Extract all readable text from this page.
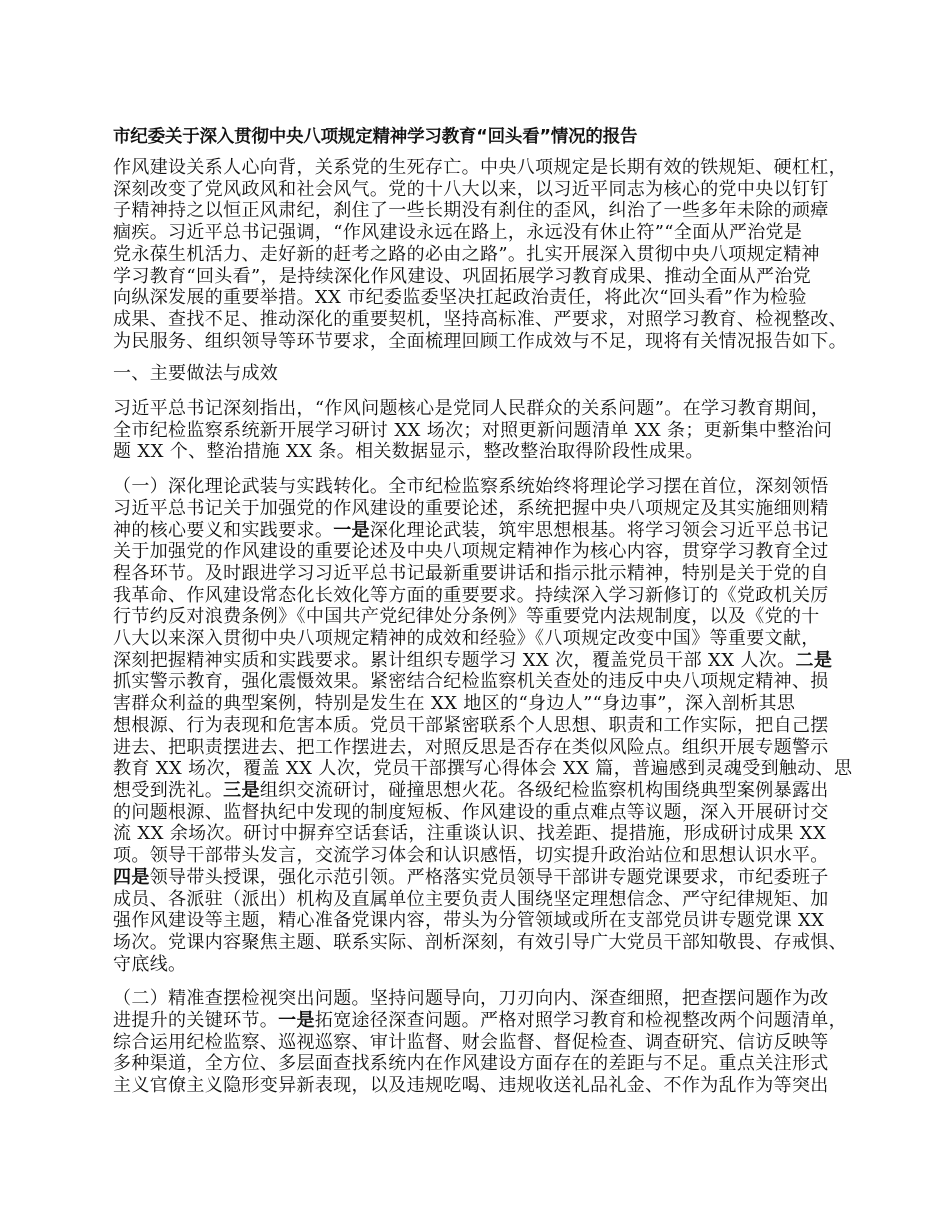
市纪委关于深入贯彻中央八项规定精神学习教育“回头看”情况的报告
作风建设关系人心向背，关系党的生死存亡。中央八项规定是长期有效的铁规矩、硬杠杠，
深刻改变了党风政风和社会风气。党的十八大以来，以习近平同志为核心的党中央以钉钉
子精神持之以恒正风肃纪，刹住了一些长期没有刹住的歪风，纠治了一些多年未除的顽瘴
痼疾。习近平总书记强调，“作风建设永远在路上，永远没有休止符”“全面从严治党是
党永葆生机活力、走好新的赶考之路的必由之路”。扎实开展深入贯彻中央八项规定精神
学习教育“回头看”，是持续深化作风建设、巩固拓展学习教育成果、推动全面从严治党
向纵深发展的重要举措。XX 市纪委监委坚决扛起政治责任，将此次“回头看”作为检验
成果、查找不足、推动深化的重要契机，坚持高标准、严要求，对照学习教育、检视整改、
为民服务、组织领导等环节要求，全面梳理回顾工作成效与不足，现将有关情况报告如下。
一、主要做法与成效
习近平总书记深刻指出，“作风问题核心是党同人民群众的关系问题”。在学习教育期间，
全市纪检监察系统新开展学习研讨 XX 场次；对照更新问题清单 XX 条；更新集中整治问
题 XX 个、整治措施 XX 条。相关数据显示，整改整治取得阶段性成果。
（一）深化理论武装与实践转化。全市纪检监察系统始终将理论学习摆在首位，深刻领悟
习近平总书记关于加强党的作风建设的重要论述，系统把握中央八项规定及其实施细则精
神的核心要义和实践要求。一是深化理论武装，筑牢思想根基。将学习领会习近平总书记
关于加强党的作风建设的重要论述及中央八项规定精神作为核心内容，贯穿学习教育全过
程各环节。及时跟进学习习近平总书记最新重要讲话和指示批示精神，特别是关于党的自
我革命、作风建设常态化长效化等方面的重要要求。持续深入学习新修订的《党政机关厉
行节约反对浪费条例》《中国共产党纪律处分条例》等重要党内法规制度，以及《党的十
八大以来深入贯彻中央八项规定精神的成效和经验》《八项规定改变中国》等重要文献，
深刻把握精神实质和实践要求。累计组织专题学习 XX 次，覆盖党员干部 XX 人次。二是
抓实警示教育，强化震慑效果。紧密结合纪检监察机关查处的违反中央八项规定精神、损
害群众利益的典型案例，特别是发生在 XX 地区的“身边人”“身边事”，深入剖析其思
想根源、行为表现和危害本质。党员干部紧密联系个人思想、职责和工作实际，把自己摆
进去、把职责摆进去、把工作摆进去，对照反思是否存在类似风险点。组织开展专题警示
教育 XX 场次，覆盖 XX 人次，党员干部撰写心得体会 XX 篇，普遍感到灵魂受到触动、思
想受到洗礼。三是组织交流研讨，碰撞思想火花。各级纪检监察机构围绕典型案例暴露出
的问题根源、监督执纪中发现的制度短板、作风建设的重点难点等议题，深入开展研讨交
流 XX 余场次。研讨中摒弃空话套话，注重谈认识、找差距、提措施，形成研讨成果 XX
项。领导干部带头发言，交流学习体会和认识感悟，切实提升政治站位和思想认识水平。
四是领导带头授课，强化示范引领。严格落实党员领导干部讲专题党课要求，市纪委班子
成员、各派驻（派出）机构及直属单位主要负责人围绕坚定理想信念、严守纪律规矩、加
强作风建设等主题，精心准备党课内容，带头为分管领域或所在支部党员讲专题党课 XX
场次。党课内容聚焦主题、联系实际、剖析深刻，有效引导广大党员干部知敬畏、存戒惧、
守底线。
（二）精准查摆检视突出问题。坚持问题导向，刀刃向内、深查细照，把查摆问题作为改
进提升的关键环节。一是拓宽途径深查问题。严格对照学习教育和检视整改两个问题清单，
综合运用纪检监察、巡视巡察、审计监督、财会监督、督促检查、调查研究、信访反映等
多种渠道，全方位、多层面查找系统内在作风建设方面存在的差距与不足。重点关注形式
主义官僚主义隐形变异新表现，以及违规吃喝、违规收送礼品礼金、不作为乱作为等突出
